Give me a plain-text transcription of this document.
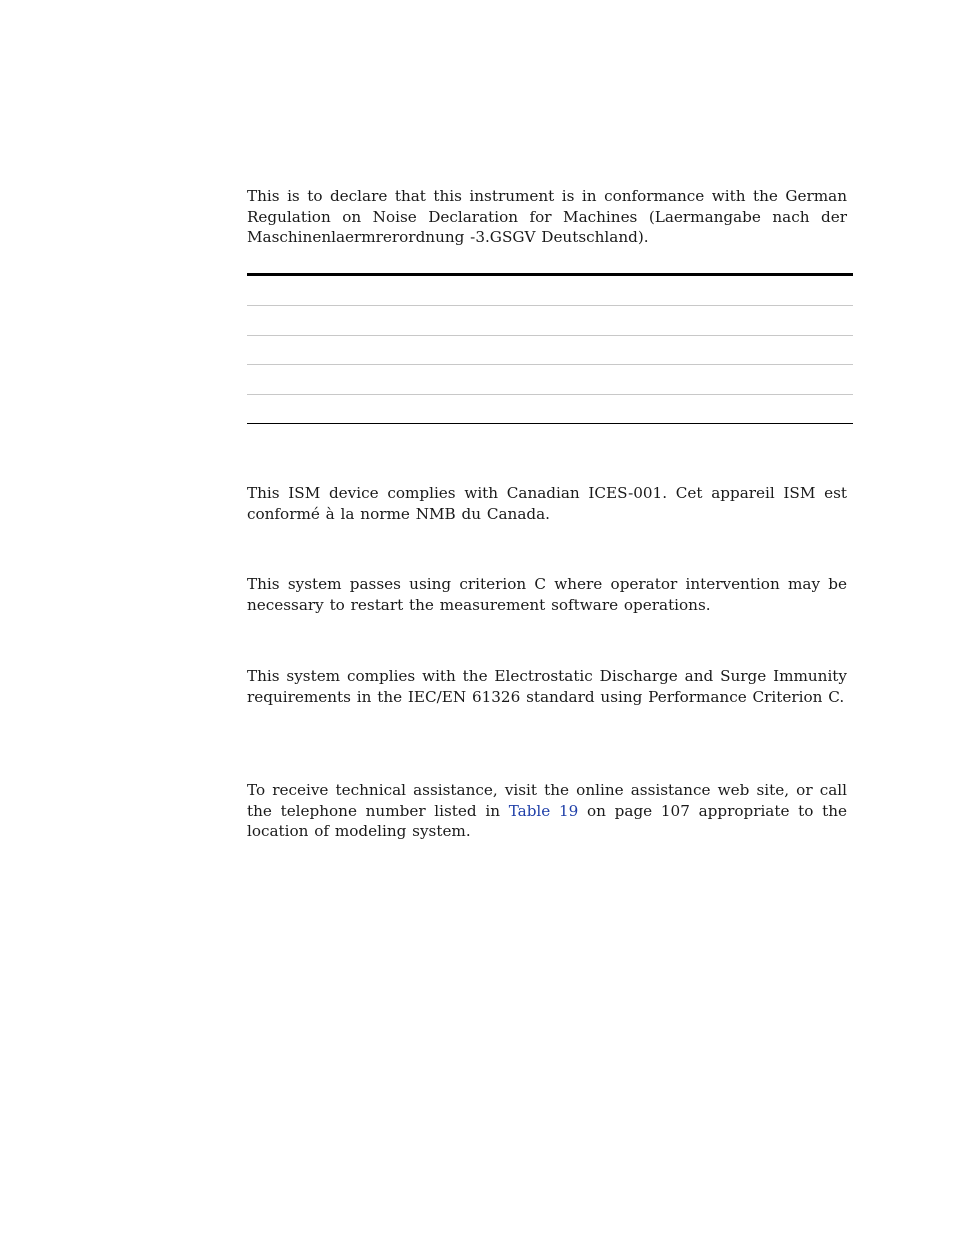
This is to declare that this instrument is in conformance with the German Regulation on Noise Declaration for Machines (Laermangabe nach der Maschinenlaermrerordnung -3.GSGV Deutschland).

This ISM device complies with Canadian ICES-001. Cet appareil ISM est conformé à la norme NMB du Canada.

This system passes using criterion C where operator intervention may be necessary to restart the measurement software operations.

This system complies with the Electrostatic Discharge and Surge Immunity requirements in the IEC/EN 61326 standard using Performance Criterion C.

To receive technical assistance, visit the online assistance web site, or call the telephone number listed in Table 19 on page 107 appropriate to the location of modeling system.
